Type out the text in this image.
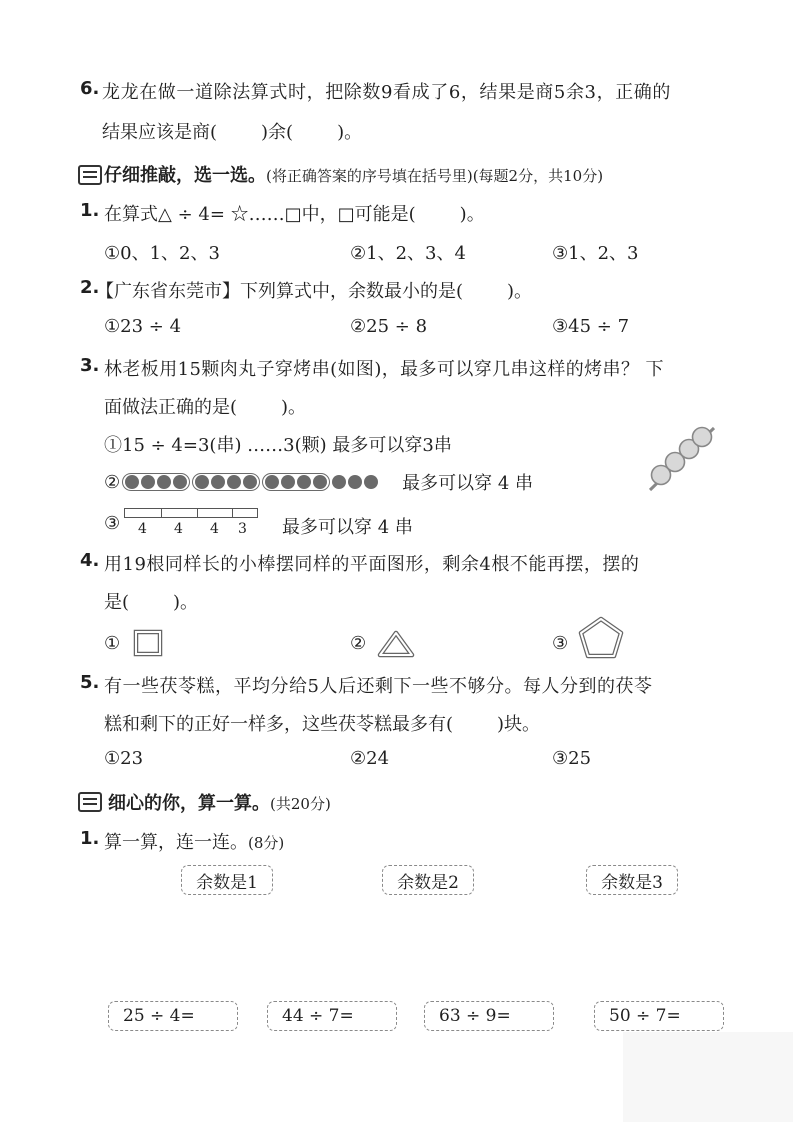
6. 龙龙在做一道除法算式时，把除数9看成了6，结果是商5余3，正确的
结果应该是商( )余( )。
仔细推敲，选一选。(将正确答案的序号填在括号里)(每题2分，共10分)
1. 在算式△ ÷ 4= ☆……□中，□可能是( )。
①0、1、2、3	②1、2、3、4	③1、2、3
2.
【广东省东莞市】下列算式中，余数最小的是( )。
①23 ÷ 4	②25 ÷ 8	③45 ÷ 7
3. 林老板用15颗肉丸子穿烤串(如图)，最多可以穿几串这样的烤串？ 下
面做法正确的是( )。
①15 ÷ 4=3(串) ……3(颗) 最多可以穿3串
②	最多可以穿 4 串
③ 4 4 4 3 最多可以穿 4 串
4. 用19根同样长的小棒摆同样的平面图形，剩余4根不能再摆，摆的
是( )。
①	②	③
5. 有一些茯苓糕，平均分给5人后还剩下一些不够分。每人分到的茯苓
糕和剩下的正好一样多，这些茯苓糕最多有( )块。
①23	②24	③25
细心的你，算一算。(共20分)
1. 算一算，连一连。(8分)
余数是1	余数是2	余数是3
25 ÷ 4=	44 ÷ 7=	63 ÷ 9=	50 ÷ 7=
